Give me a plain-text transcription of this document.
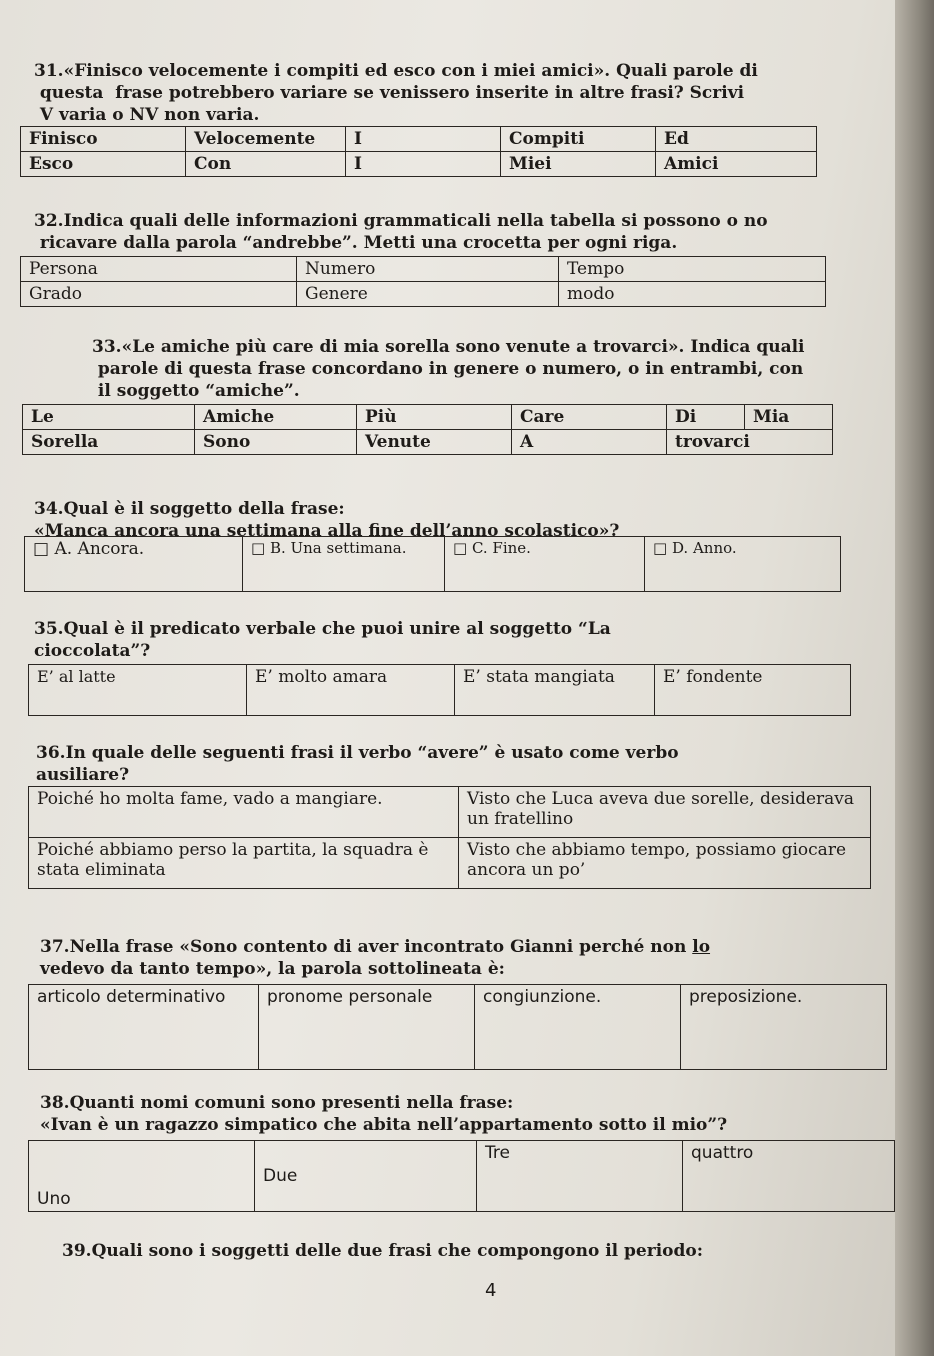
31.«Finisco velocemente i compiti ed esco con i miei amici». Quali parole di
questa  frase potrebbero variare se venissero inserite in altre frasi? Scrivi
V varia o NV non varia.

Finisco	Velocemente	I	Compiti	Ed
Esco	Con	I	Miei	Amici

32.Indica quali delle informazioni grammaticali nella tabella si possono o no
ricavare dalla parola “andrebbe”. Metti una crocetta per ogni riga.

Persona	Numero	Tempo
Grado	Genere	modo

33.«Le amiche più care di mia sorella sono venute a trovarci». Indica quali
parole di questa frase concordano in genere o numero, o in entrambi, con
il soggetto “amiche”.

Le	Amiche	Più	Care	Di	Mia
Sorella	Sono	Venute	A	trovarci	

34.Qual è il soggetto della frase:
«Manca ancora una settimana alla fine dell’anno scolastico»?

□ A. Ancora.	□ B. Una settimana.	□ C. Fine.	□ D. Anno.

35.Qual è il predicato verbale che puoi unire al soggetto “La
cioccolata”?

E’ al latte	E’ molto amara	E’ stata mangiata	E’ fondente

36.In quale delle seguenti frasi il verbo “avere” è usato come verbo
ausiliare?

Poiché ho molta fame, vado a mangiare.	Visto che Luca aveva due sorelle, desiderava un fratellino
Poiché abbiamo perso la partita, la squadra è stata eliminata	Visto che abbiamo tempo, possiamo giocare ancora un po’

37.Nella frase «Sono contento di aver incontrato Gianni perché non lo
vedevo da tanto tempo», la parola sottolineata è:

articolo determinativo	pronome personale	congiunzione.	preposizione.

38.Quanti nomi comuni sono presenti nella frase:
«Ivan è un ragazzo simpatico che abita nell’appartamento sotto il mio”?

Uno	Due	Tre	quattro

39.Quali sono i soggetti delle due frasi che compongono il periodo:

4
